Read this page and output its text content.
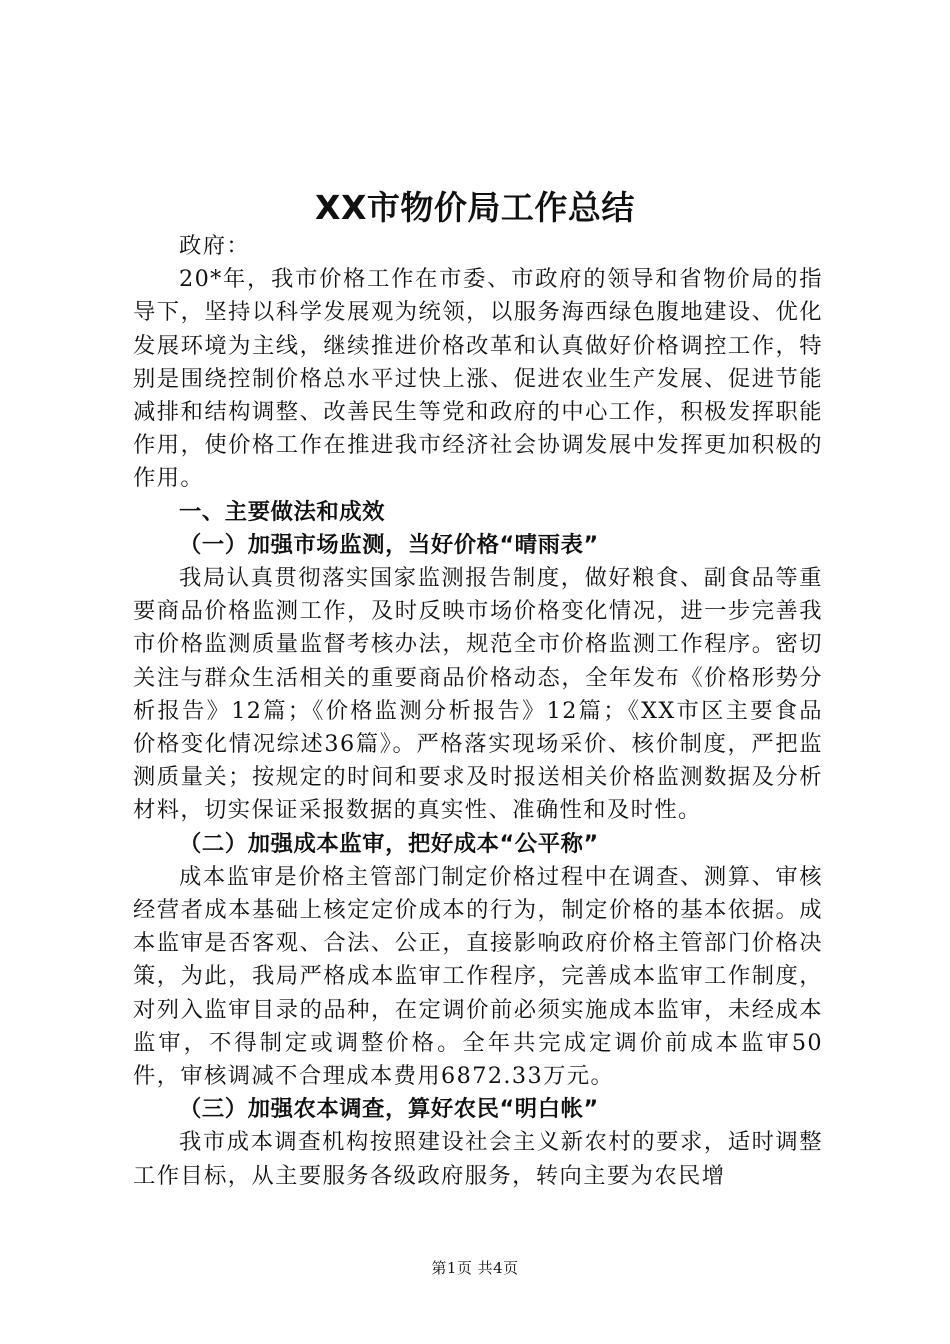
XX市物价局工作总结

政府：

20*年，我市价格工作在市委、市政府的领导和省物价局的指导下，坚持以科学发展观为统领，以服务海西绿色腹地建设、优化发展环境为主线，继续推进价格改革和认真做好价格调控工作，特别是围绕控制价格总水平过快上涨、促进农业生产发展、促进节能减排和结构调整、改善民生等党和政府的中心工作，积极发挥职能作用，使价格工作在推进我市经济社会协调发展中发挥更加积极的作用。

一、主要做法和成效

（一）加强市场监测，当好价格“晴雨表”

我局认真贯彻落实国家监测报告制度，做好粮食、副食品等重要商品价格监测工作，及时反映市场价格变化情况，进一步完善我市价格监测质量监督考核办法，规范全市价格监测工作程序。密切关注与群众生活相关的重要商品价格动态，全年发布《价格形势分析报告》12篇；《价格监测分析报告》12篇；《XX市区主要食品价格变化情况综述36篇》。严格落实现场采价、核价制度，严把监测质量关；按规定的时间和要求及时报送相关价格监测数据及分析材料，切实保证采报数据的真实性、准确性和及时性。

（二）加强成本监审，把好成本“公平称”

成本监审是价格主管部门制定价格过程中在调查、测算、审核经营者成本基础上核定定价成本的行为，制定价格的基本依据。成本监审是否客观、合法、公正，直接影响政府价格主管部门价格决策，为此，我局严格成本监审工作程序，完善成本监审工作制度，对列入监审目录的品种，在定调价前必须实施成本监审，未经成本监审，不得制定或调整价格。全年共完成定调价前成本监审50件，审核调减不合理成本费用6872.33万元。

（三）加强农本调查，算好农民“明白帐”

我市成本调查机构按照建设社会主义新农村的要求，适时调整工作目标，从主要服务各级政府服务，转向主要为农民增

第1页 共4页
